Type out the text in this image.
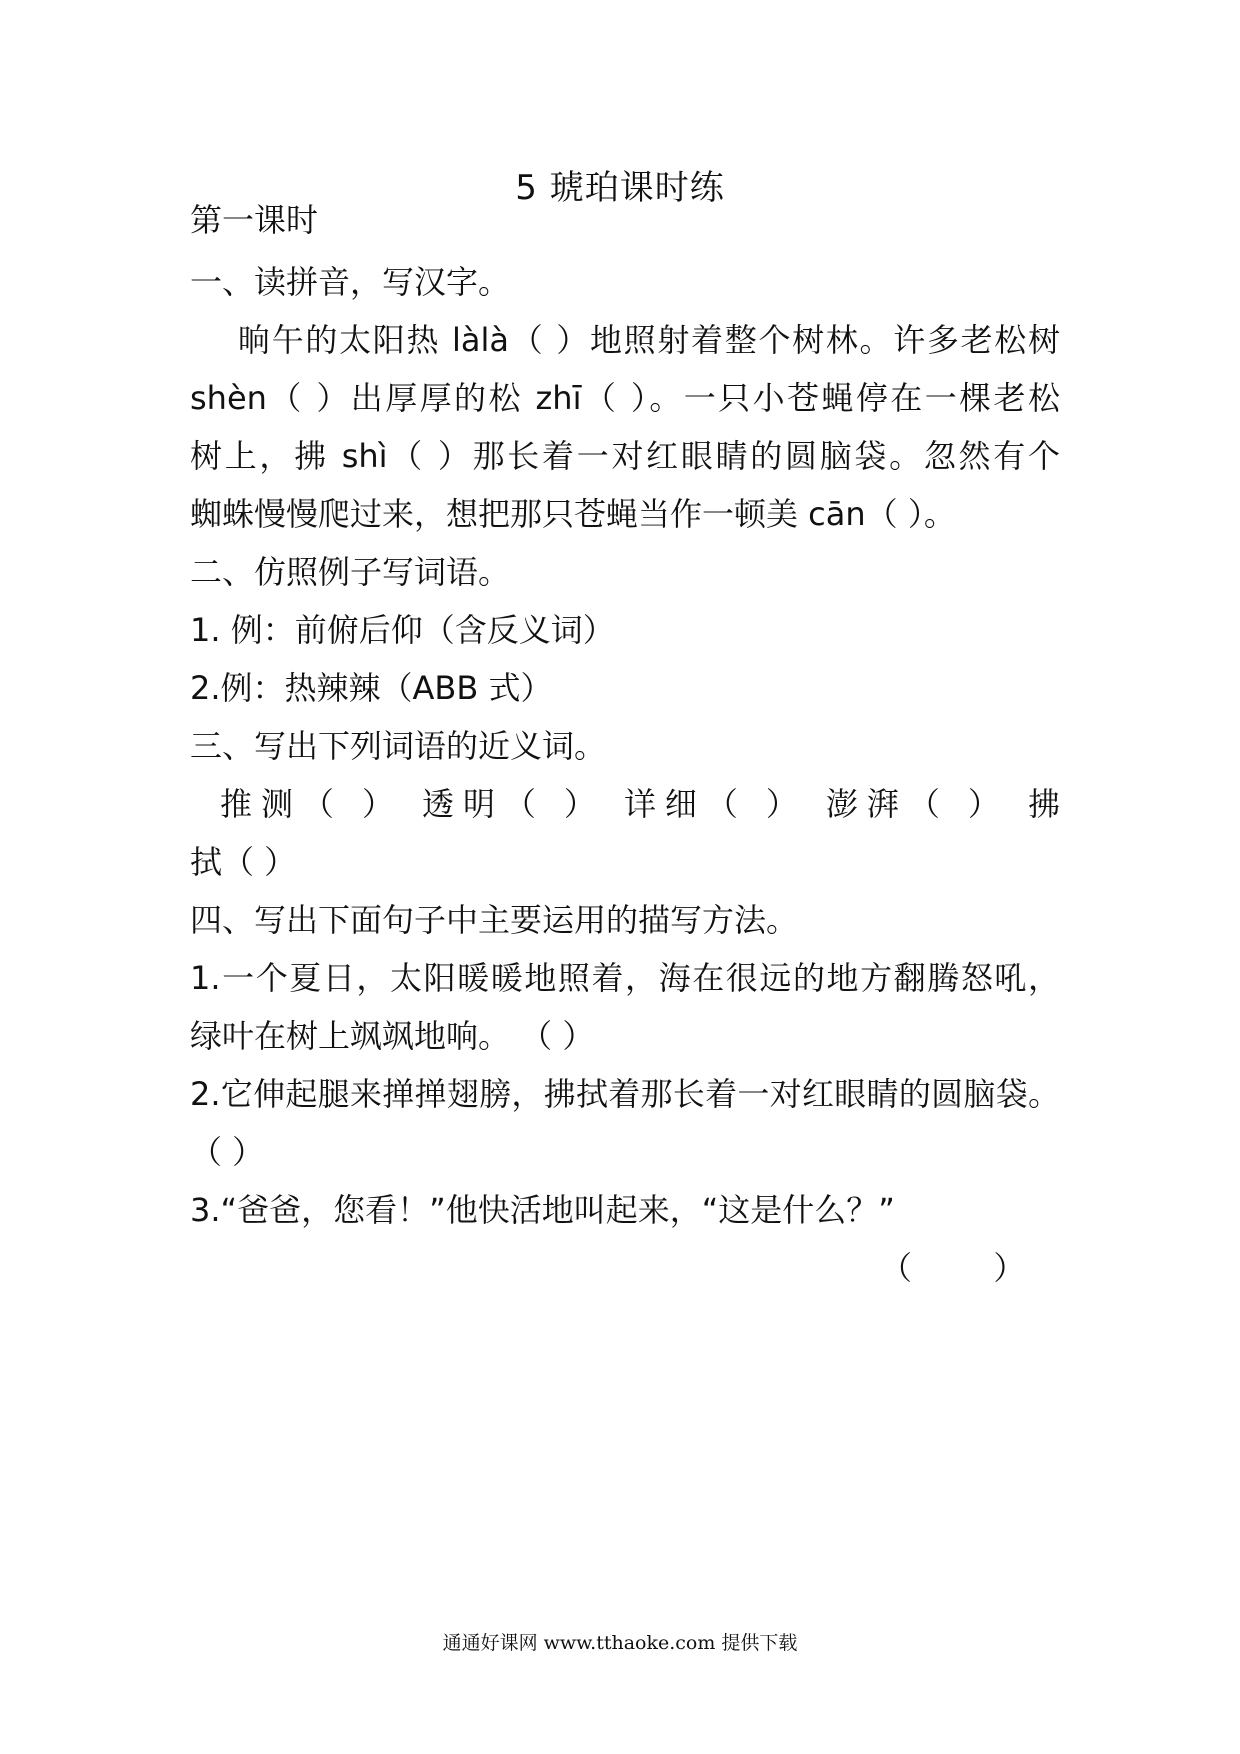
5 琥珀课时练
第一课时
一、读拼音，写汉字。
晌午的太阳热 làlà（ ）地照射着整个树林。许多老松树
shèn（ ）出厚厚的松 zhī（ ）。一只小苍蝇停在一棵老松
树上，拂 shì（ ）那长着一对红眼睛的圆脑袋。忽然有个
蜘蛛慢慢爬过来，想把那只苍蝇当作一顿美 cān（ ）。
二、仿照例子写词语。
1. 例：前俯后仰（含反义词）
2.例：热辣辣（ABB 式）
三、写出下列词语的近义词。
推测（ ） 透明（ ） 详细（ ） 澎湃（ ） 拂
拭（ ）
四、写出下面句子中主要运用的描写方法。
1.一个夏日，太阳暖暖地照着，海在很远的地方翻腾怒吼，
绿叶在树上飒飒地响。 （ ）
2.它伸起腿来掸掸翅膀，拂拭着那长着一对红眼睛的圆脑袋。
（ ）
3.“爸爸，您看！”他快活地叫起来，“这是什么？”
（        ）
通通好课网 www.tthaoke.com 提供下载
